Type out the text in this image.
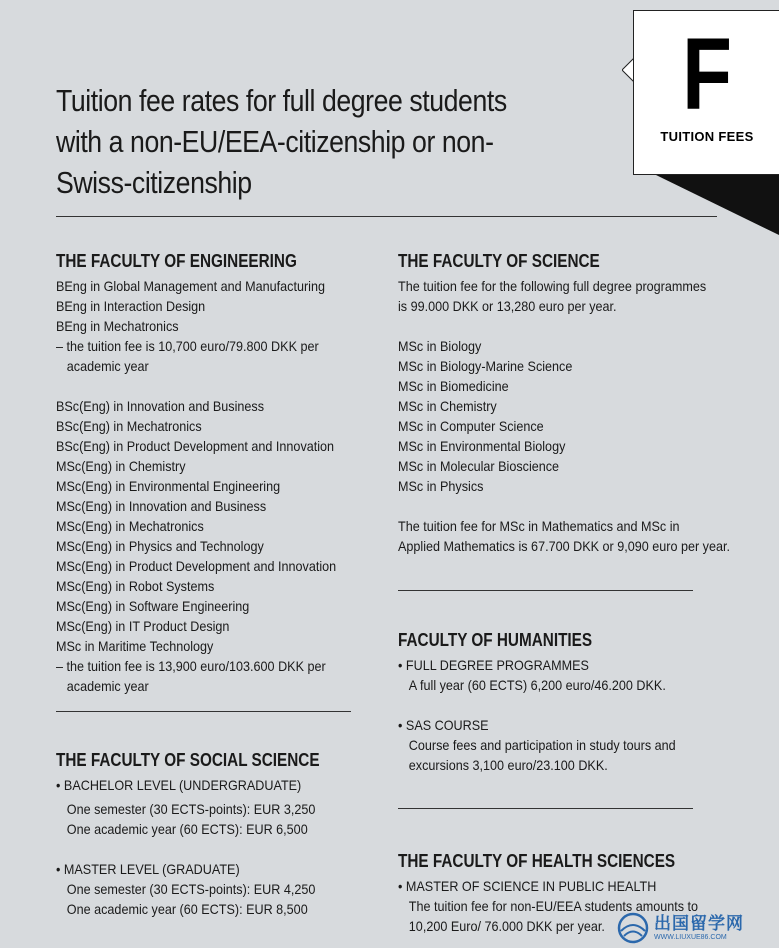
Tuition fee rates for full degree students
with a non-EU/EEA-citizenship or non-
Swiss-citizenship
F
TUITION FEES

THE FACULTY OF ENGINEERING

BEng in Global Management and Manufacturing

BEng in Interaction Design

BEng in Mechatronics

– the tuition fee is 10,700 euro/79.800 DKK per

academic year

BSc(Eng) in Innovation and Business

BSc(Eng) in Mechatronics

BSc(Eng) in Product Development and Innovation

MSc(Eng) in Chemistry

MSc(Eng) in Environmental Engineering

MSc(Eng) in Innovation and Business

MSc(Eng) in Mechatronics

MSc(Eng) in Physics and Technology

MSc(Eng) in Product Development and Innovation

MSc(Eng) in Robot Systems

MSc(Eng) in Software Engineering

MSc(Eng) in IT Product Design

MSc in Maritime Technology

– the tuition fee is 13,900 euro/103.600 DKK per

academic year

THE FACULTY OF SOCIAL SCIENCE

• BACHELOR LEVEL (UNDERGRADUATE)

One semester (30 ECTS-points): EUR 3,250

One academic year (60 ECTS): EUR 6,500

• MASTER LEVEL (GRADUATE)

One semester (30 ECTS-points): EUR 4,250

One academic year (60 ECTS): EUR 8,500

THE FACULTY OF SCIENCE

The tuition fee for the following full degree programmes

is 99.000 DKK or 13,280 euro per year.

MSc in Biology

MSc in Biology-Marine Science

MSc in Biomedicine

MSc in Chemistry

MSc in Computer Science

MSc in Environmental Biology

MSc in Molecular Bioscience

MSc in Physics

The tuition fee for MSc in Mathematics and MSc in

Applied Mathematics is 67.700 DKK or 9,090 euro per year.

FACULTY OF HUMANITIES

• FULL DEGREE PROGRAMMES

A full year (60 ECTS) 6,200 euro/46.200 DKK.

• SAS COURSE

Course fees and participation in study tours and

excursions 3,100 euro/23.100 DKK.

THE FACULTY OF HEALTH SCIENCES

• MASTER OF SCIENCE IN PUBLIC HEALTH

The tuition fee for non-EU/EEA students amounts to

10,200 Euro/ 76.000 DKK per year.	出国留学网
WWW.LIUXUE86.COM
